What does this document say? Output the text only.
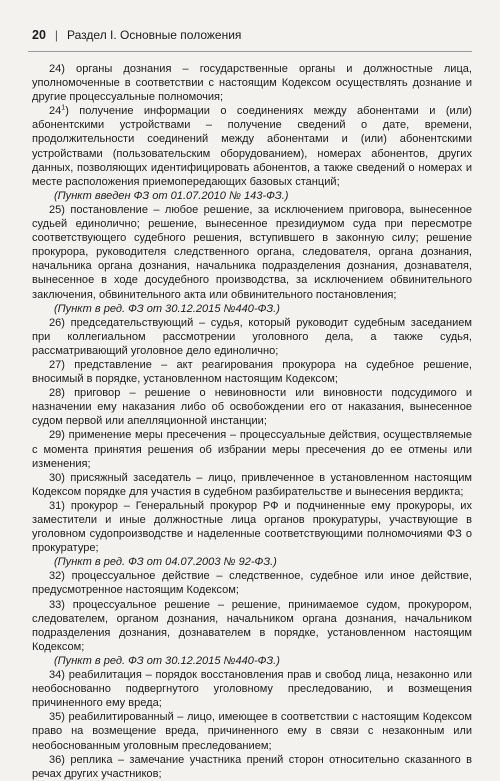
20 | Раздел I. Основные положения

24) органы дознания – государственные органы и должностные лица, уполномоченные в соответствии с настоящим Кодексом осуществлять дознание и другие процессуальные полномочия;

$24^1$) получение информации о соединениях между абонентами и (или) абонентскими устройствами – получение сведений о дате, времени, продолжительности соединений между абонентами и (или) абонентскими устройствами (пользовательским оборудованием), номерах абонентов, других данных, позволяющих идентифицировать абонентов, а также сведений о номерах и месте расположения приемопередающих базовых станций;

(Пункт введен ФЗ от 01.07.2010 № 143-ФЗ.)

25) постановление – любое решение, за исключением приговора, вынесенное судьей единолично; решение, вынесенное президиумом суда при пересмотре соответствующего судебного решения, вступившего в законную силу; решение прокурора, руководителя следственного органа, следователя, органа дознания, начальника органа дознания, начальника подразделения дознания, дознавателя, вынесенное в ходе досудебного производства, за исключением обвинительного заключения, обвинительного акта или обвинительного постановления;

(Пункт в ред. ФЗ от 30.12.2015 №440-ФЗ.)

26) председательствующий – судья, который руководит судебным заседанием при коллегиальном рассмотрении уголовного дела, а также судья, рассматривающий уголовное дело единолично;

27) представление – акт реагирования прокурора на судебное решение, вносимый в порядке, установленном настоящим Кодексом;

28) приговор – решение о невиновности или виновности подсудимого и назначении ему наказания либо об освобождении его от наказания, вынесенное судом первой или апелляционной инстанции;

29) применение меры пресечения – процессуальные действия, осуществляемые с момента принятия решения об избрании меры пресечения до ее отмены или изменения;

30) присяжный заседатель – лицо, привлеченное в установленном настоящим Кодексом порядке для участия в судебном разбирательстве и вынесения вердикта;

31) прокурор – Генеральный прокурор РФ и подчиненные ему прокуроры, их заместители и иные должностные лица органов прокуратуры, участвующие в уголовном судопроизводстве и наделенные соответствующими полномочиями ФЗ о прокуратуре;

(Пункт в ред. ФЗ от 04.07.2003 № 92-ФЗ.)

32) процессуальное действие – следственное, судебное или иное действие, предусмотренное настоящим Кодексом;

33) процессуальное решение – решение, принимаемое судом, прокурором, следователем, органом дознания, начальником органа дознания, начальником подразделения дознания, дознавателем в порядке, установленном настоящим Кодексом;

(Пункт в ред. ФЗ от 30.12.2015 №440-ФЗ.)

34) реабилитация – порядок восстановления прав и свобод лица, незаконно или необоснованно подвергнутого уголовному преследованию, и возмещения причиненного ему вреда;

35) реабилитированный – лицо, имеющее в соответствии с настоящим Кодексом право на возмещение вреда, причиненного ему в связи с незаконным или необоснованным уголовным преследованием;

36) реплика – замечание участника прений сторон относительно сказанного в речах других участников;
